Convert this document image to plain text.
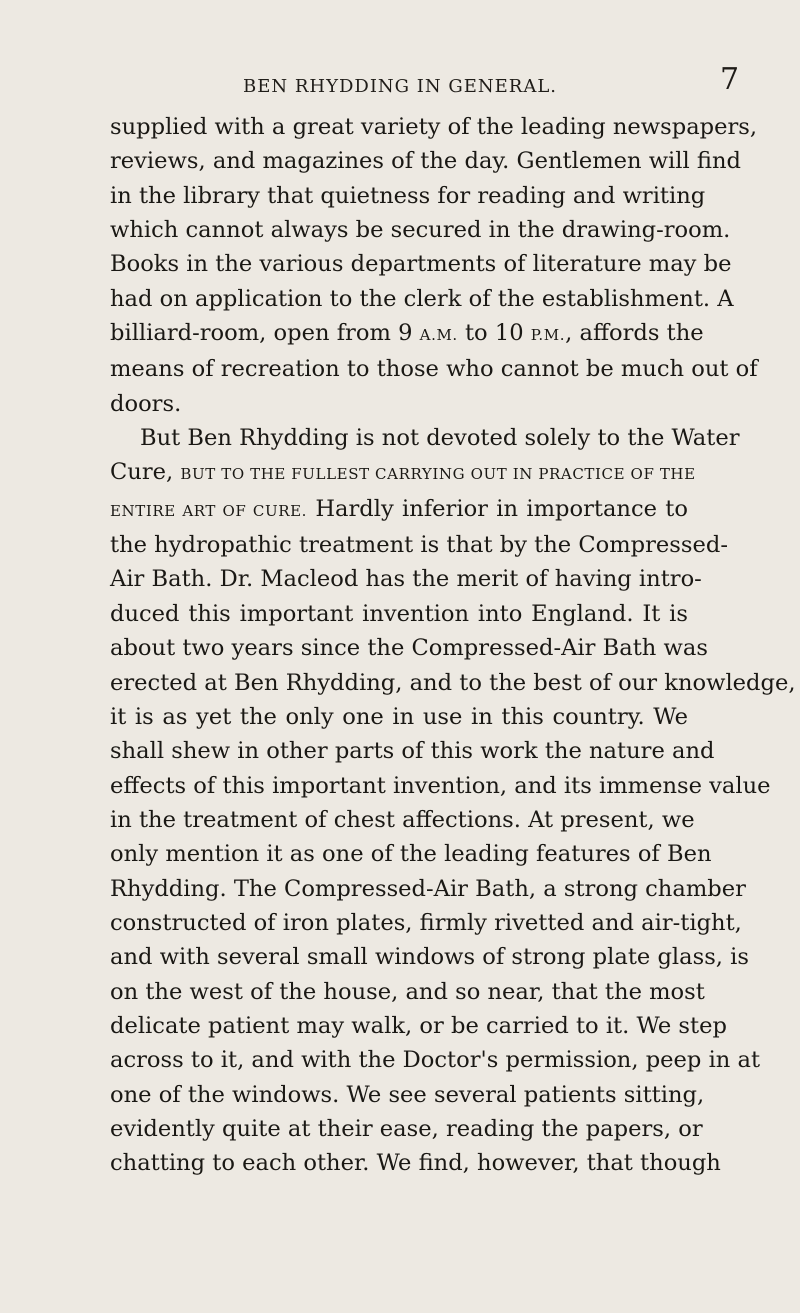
BEN RHYDDING IN GENERAL.	7
supplied with a great variety of the leading newspapers,
reviews, and magazines of the day. Gentlemen will find
in the library that quietness for reading and writing
which cannot always be secured in the drawing-room.
Books in the various departments of literature may be
had on application to the clerk of the establishment. A
billiard-room, open from 9 A.M. to 10 P.M., affords the
means of recreation to those who cannot be much out of
doors.
But Ben Rhydding is not devoted solely to the Water
Cure, BUT TO THE FULLEST CARRYING OUT IN PRACTICE OF THE
ENTIRE ART OF CURE. Hardly inferior in importance to
the hydropathic treatment is that by the Compressed-
Air Bath. Dr. Macleod has the merit of having intro-
duced this important invention into England. It is
about two years since the Compressed-Air Bath was
erected at Ben Rhydding, and to the best of our knowledge,
it is as yet the only one in use in this country. We
shall shew in other parts of this work the nature and
effects of this important invention, and its immense value
in the treatment of chest affections. At present, we
only mention it as one of the leading features of Ben
Rhydding. The Compressed-Air Bath, a strong chamber
constructed of iron plates, firmly rivetted and air-tight,
and with several small windows of strong plate glass, is
on the west of the house, and so near, that the most
delicate patient may walk, or be carried to it. We step
across to it, and with the Doctor's permission, peep in at
one of the windows. We see several patients sitting,
evidently quite at their ease, reading the papers, or
chatting to each other. We find, however, that though
